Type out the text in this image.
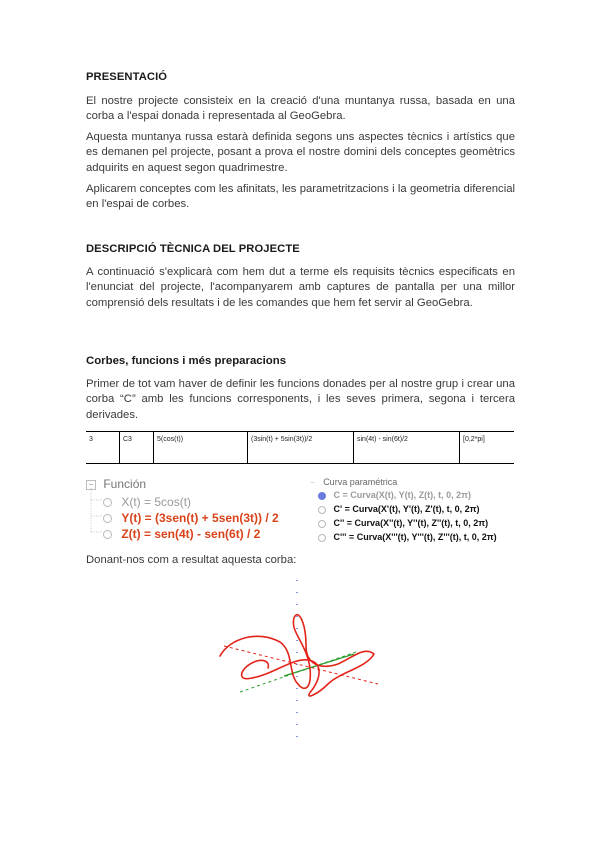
PRESENTACIÓ

El nostre projecte consisteix en la creació d'una muntanya russa, basada en una corba a l'espai donada i representada al GeoGebra.

Aquesta muntanya russa estarà definida segons uns aspectes tècnics i artístics que es demanen pel projecte, posant a prova el nostre domini dels conceptes geomètrics adquirits en aquest segon quadrimestre.

Aplicarem conceptes com les afinitats, les parametritzacions i la geometria diferencial en l'espai de corbes.

DESCRIPCIÓ TÈCNICA DEL PROJECTE

A continuació s'explicarà com hem dut a terme els requisits tècnics especificats en l'enunciat del projecte, l'acompanyarem amb captures de pantalla per una millor comprensió dels resultats i de les comandes que hem fet servir al GeoGebra.

Corbes, funcions i més preparacions

Primer de tot vam haver de definir les funcions donades per al nostre grup i crear una corba “C” amb les funcions corresponents, i les seves primera, segona i tercera derivades.

3	C3	5(cos(t))	(3sin(t) + 5sin(3t))/2	sin(4t) - sin(6t)/2	[0,2*pi]
− Función
X(t) = 5cos(t)
Y(t) = (3sen(t) + 5sen(3t)) / 2
Z(t) = sen(4t) - sen(6t) / 2
− Curva paramétrica
C = Curva(X(t), Y(t), Z(t), t, 0, 2π)
C' = Curva(X'(t), Y'(t), Z'(t), t, 0, 2π)
C'' = Curva(X''(t), Y''(t), Z''(t), t, 0, 2π)
C''' = Curva(X'''(t), Y'''(t), Z'''(t), t, 0, 2π)

Donant-nos com a resultat aquesta corba:
